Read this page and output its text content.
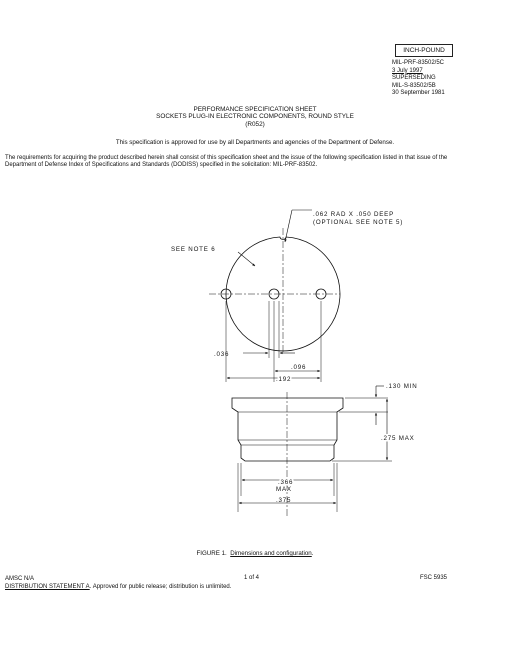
INCH-POUND
MIL-PRF-83502/5C
3 July 1997
SUPERSEDING
MIL-S-83502/5B
30 September 1981
PERFORMANCE SPECIFICATION SHEET
SOCKETS PLUG-IN ELECTRONIC COMPONENTS, ROUND STYLE
(R052)
This specification is approved for use by all Departments and agencies of the Department of Defense.
The requirements for acquiring the product described herein shall consist of this specification sheet and the issue of the following specification listed in that issue of the Department of Defense Index of Specifications and Standards (DODISS) specified in the solicitation: MIL-PRF-83502.
.062 RAD X .050 DEEP
(OPTIONAL SEE NOTE 5)
SEE NOTE 6
.036
.096
.192
.130 MIN
.275 MAX
.366
MAX
.375
FIGURE 1. Dimensions and configuration.
AMSC N/A
DISTRIBUTION STATEMENT A. Approved for public release; distribution is unlimited.
1 of 4	FSC 5935
